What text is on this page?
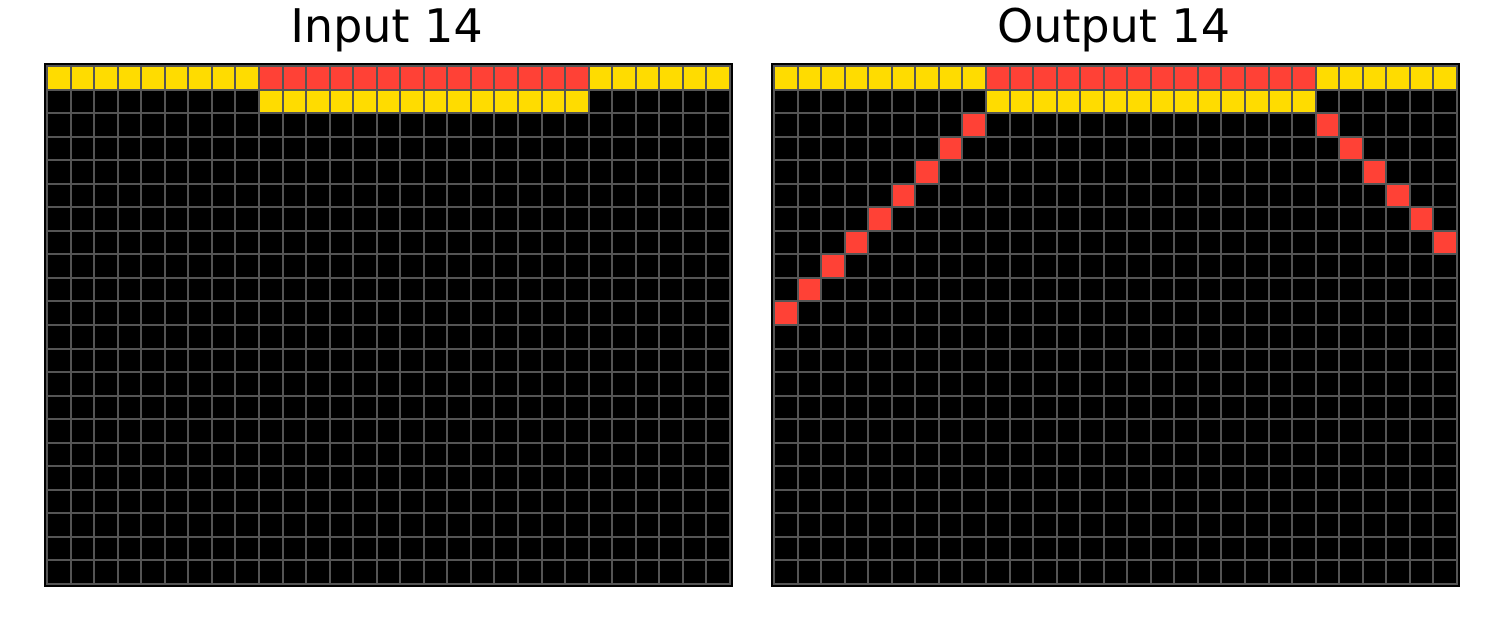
Input 14	Output 14
